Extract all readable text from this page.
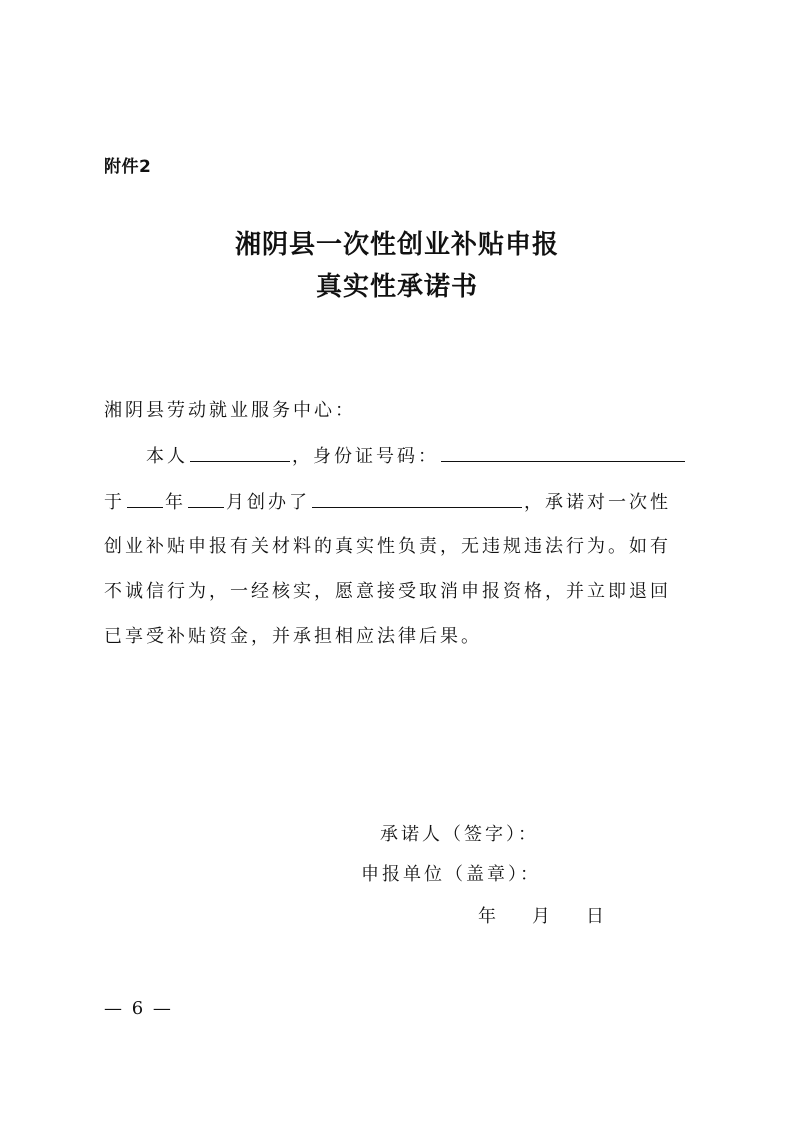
附件2
湘阴县一次性创业补贴申报
真实性承诺书
湘阴县劳动就业服务中心：
本人	，身份证号码：
于 年 月创办了	，承诺对一次性
创业补贴申报有关材料的真实性负责，无违规违法行为。如有
不诚信行为，一经核实，愿意接受取消申报资格，并立即退回
已享受补贴资金，并承担相应法律后果。
承诺人（签字）：
申报单位（盖章）：
年 月 日
— 6 —
